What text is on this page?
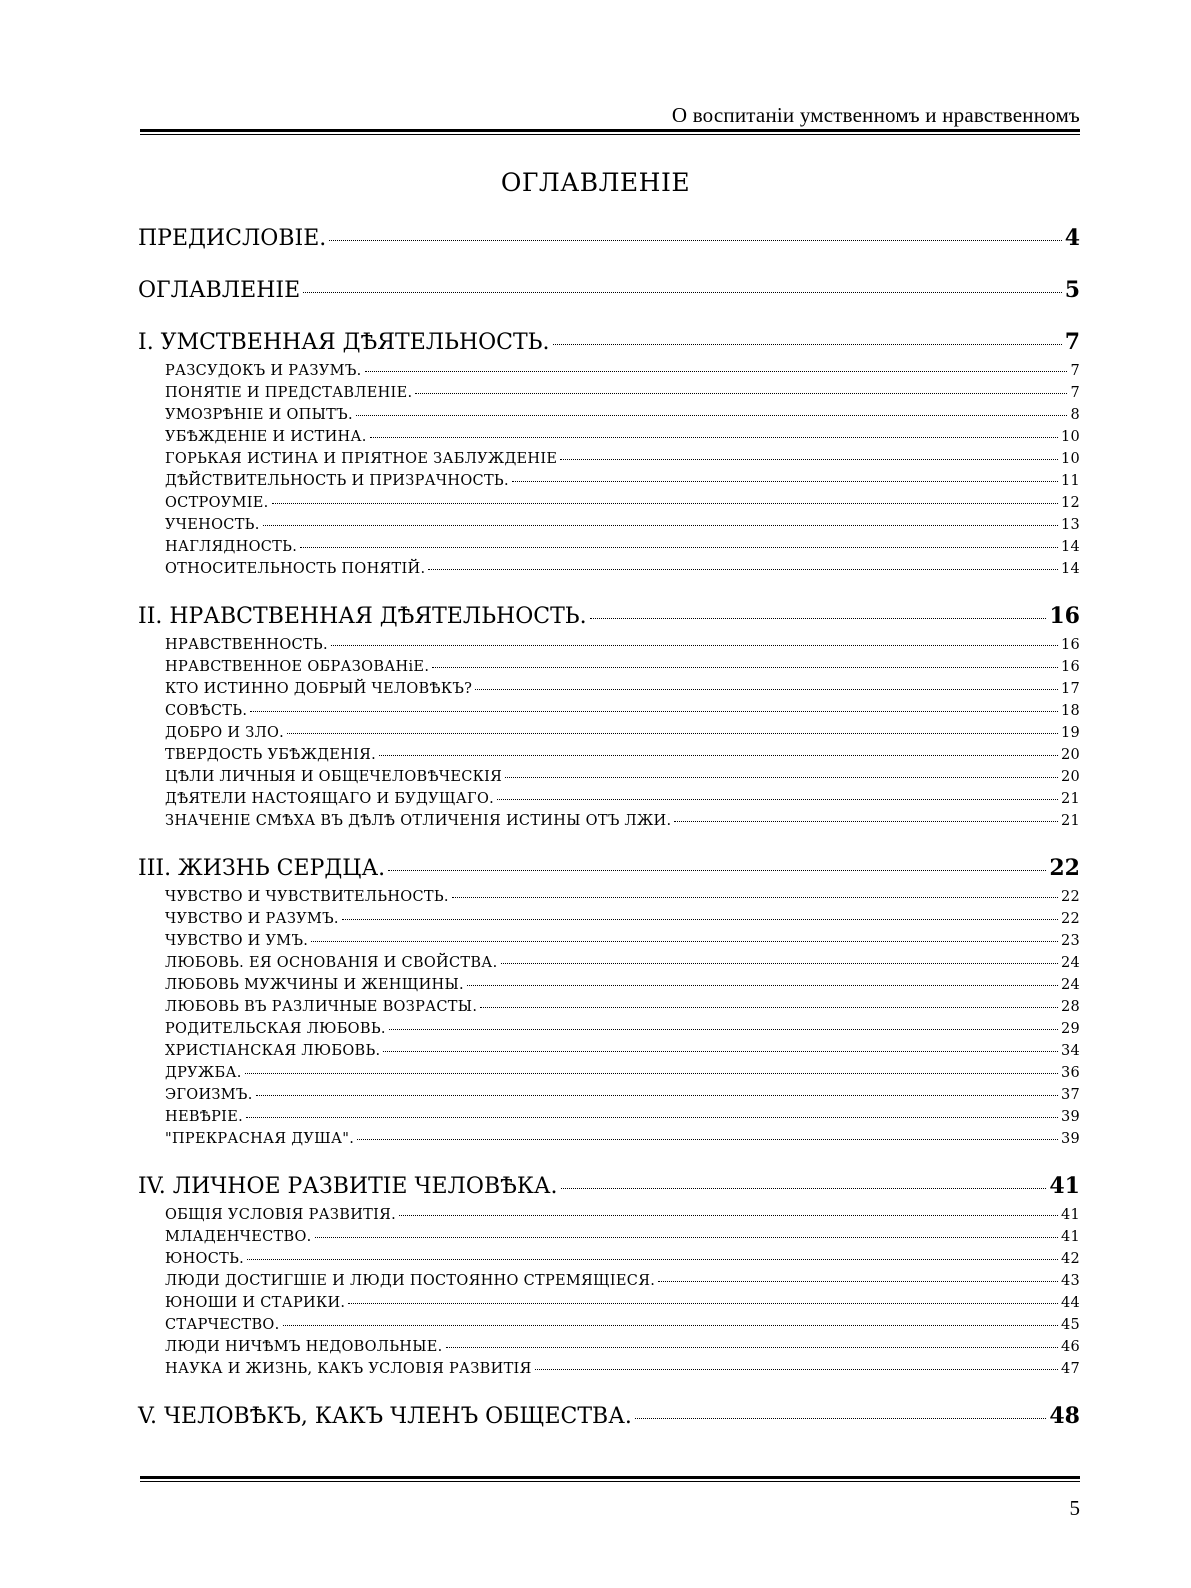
О воспитанiи умственномъ и нравственномъ
ОГЛАВЛЕНIЕ
ПРЕДИСЛОВIЕ.	4
ОГЛАВЛЕНIЕ	5
I. УМСТВЕННАЯ ДѢЯТЕЛЬНОСТЬ.	7
РАЗСУДОКЪ И РАЗУМЪ.	7
ПОНЯТIЕ И ПРЕДСТАВЛЕНIЕ.	7
УМОЗРѢНIЕ И ОПЫТЪ.	8
УБѢЖДЕНIЕ И ИСТИНА.	10
ГОРЬКАЯ ИСТИНА И ПРIЯТНОЕ ЗАБЛУЖДЕНIЕ	10
ДѢЙСТВИТЕЛЬНОСТЬ И ПРИЗРАЧНОСТЬ.	11
ОСТРОУМIЕ.	12
УЧЕНОСТЬ.	13
НАГЛЯДНОСТЬ.	14
ОТНОСИТЕЛЬНОСТЬ ПОНЯТIЙ.	14
II. НРАВСТВЕННАЯ ДѢЯТЕЛЬНОСТЬ.	16
НРАВСТВЕННОСТЬ.	16
НРАВСТВЕННОЕ ОБРАЗОВАНiЕ.	16
КТО ИСТИННО ДОБРЫЙ ЧЕЛОВѢКЪ?	17
СОВѢСТЬ.	18
ДОБРО И ЗЛО.	19
ТВЕРДОСТЬ УБѢЖДЕНIЯ.	20
ЦѢЛИ ЛИЧНЫЯ И ОБЩЕЧЕЛОВѢЧЕСКIЯ	20
ДѢЯТЕЛИ НАСТОЯЩАГО И БУДУЩАГО.	21
ЗНАЧЕНIЕ СМѢХА ВЪ ДѢЛѢ ОТЛИЧЕНIЯ ИСТИНЫ ОТЪ ЛЖИ.	21
III. ЖИЗНЬ СЕРДЦА.	22
ЧУВСТВО И ЧУВСТВИТЕЛЬНОСТЬ.	22
ЧУВСТВО И РАЗУМЪ.	22
ЧУВСТВО И УМЪ.	23
ЛЮБОВЬ. ЕЯ ОСНОВАНIЯ И СВОЙСТВА.	24
ЛЮБОВЬ МУЖЧИНЫ И ЖЕНЩИНЫ.	24
ЛЮБОВЬ ВЪ РАЗЛИЧНЫЕ ВОЗРАСТЫ.	28
РОДИТЕЛЬСКАЯ ЛЮБОВЬ.	29
ХРИСТIАНСКАЯ ЛЮБОВЬ.	34
ДРУЖБА.	36
ЭГОИЗМЪ.	37
НЕВѢРIЕ.	39
"ПРЕКРАСНАЯ ДУША".	39
IV. ЛИЧНОЕ РАЗВИТIЕ ЧЕЛОВѢКА.	41
ОБЩIЯ УСЛОВIЯ РАЗВИТIЯ.	41
МЛАДЕНЧЕСТВО.	41
ЮНОСТЬ.	42
ЛЮДИ ДОСТИГШIЕ И ЛЮДИ ПОСТОЯННО СТРЕМЯЩIЕСЯ.	43
ЮНОШИ И СТАРИКИ.	44
СТАРЧЕСТВО.	45
ЛЮДИ НИЧѢМЪ НЕДОВОЛЬНЫЕ.	46
НАУКА И ЖИЗНЬ, КАКЪ УСЛОВIЯ РАЗВИТIЯ	47
V. ЧЕЛОВѢКЪ, КАКЪ ЧЛЕНЪ ОБЩЕСТВА.	48
5
